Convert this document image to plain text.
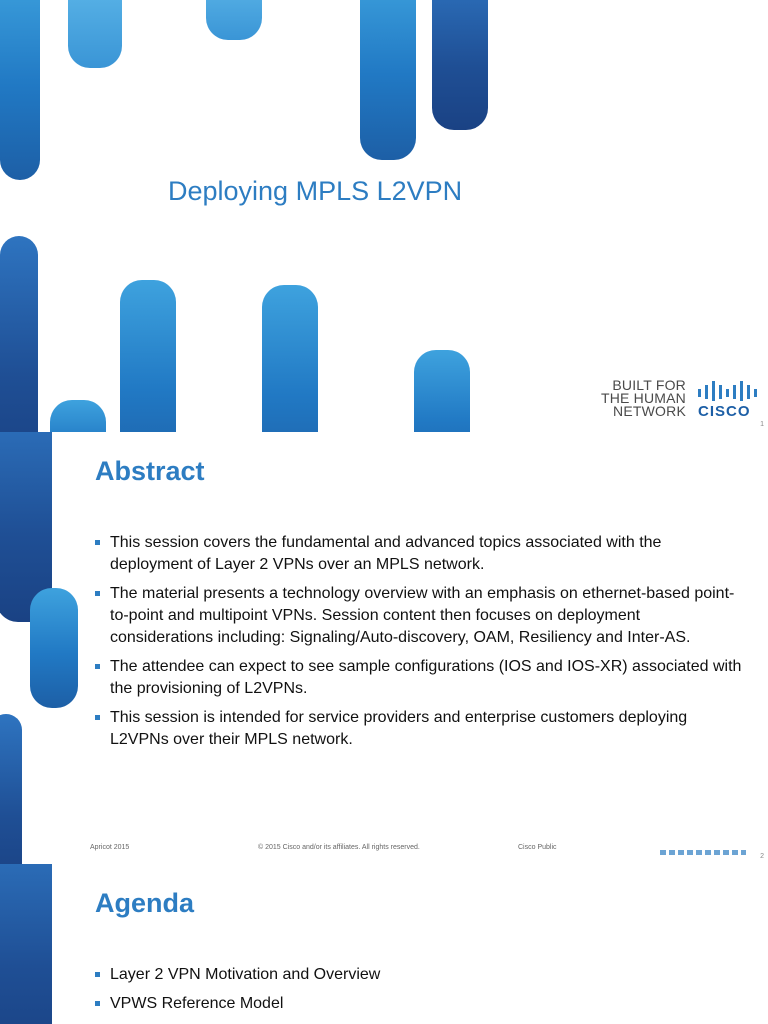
Deploying MPLS L2VPN
BUILT FOR
THE HUMAN
NETWORK CISCO
1
Abstract
This session covers the fundamental and advanced topics associated with the deployment of Layer 2 VPNs over an MPLS network.
The material presents a technology overview with an emphasis on ethernet-based point-to-point and multipoint VPNs. Session content then focuses on deployment considerations including: Signaling/Auto-discovery, OAM, Resiliency and Inter-AS.
The attendee can expect to see sample configurations (IOS and IOS-XR) associated with the provisioning of L2VPNs.
This session is intended for service providers and enterprise customers deploying L2VPNs over their MPLS network.
Apricot 2015	© 2015 Cisco and/or its affiliates. All rights reserved.	Cisco Public
2
Agenda
Layer 2 VPN Motivation and Overview
VPWS Reference Model
